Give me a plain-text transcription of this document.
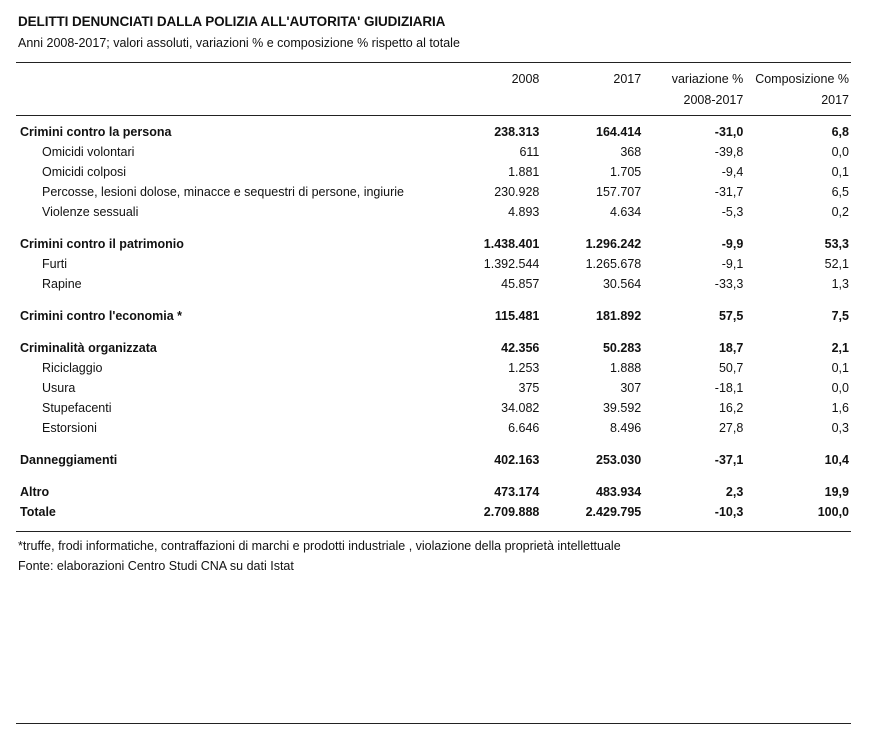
DELITTI DENUNCIATI DALLA POLIZIA ALL'AUTORITA' GIUDIZIARIA
Anni 2008-2017; valori assoluti, variazioni % e composizione % rispetto al totale
	2008	2017	variazione %	Composizione %
			2008-2017	2017
Crimini contro la persona	238.313	164.414	-31,0	6,8
Omicidi volontari	611	368	-39,8	0,0
Omicidi colposi	1.881	1.705	-9,4	0,1
Percosse, lesioni dolose, minacce e sequestri di persone, ingiurie	230.928	157.707	-31,7	6,5
Violenze sessuali	4.893	4.634	-5,3	0,2

Crimini contro il patrimonio	1.438.401	1.296.242	-9,9	53,3
Furti	1.392.544	1.265.678	-9,1	52,1
Rapine	45.857	30.564	-33,3	1,3

Crimini contro l'economia *	115.481	181.892	57,5	7,5

Criminalità organizzata	42.356	50.283	18,7	2,1
Riciclaggio	1.253	1.888	50,7	0,1
Usura	375	307	-18,1	0,0
Stupefacenti	34.082	39.592	16,2	1,6
Estorsioni	6.646	8.496	27,8	0,3

Danneggiamenti	402.163	253.030	-37,1	10,4

Altro	473.174	483.934	2,3	19,9
Totale	2.709.888	2.429.795	-10,3	100,0
*truffe, frodi informatiche, contraffazioni di marchi e prodotti industriale , violazione della proprietà intellettuale
Fonte: elaborazioni Centro Studi CNA su dati Istat
